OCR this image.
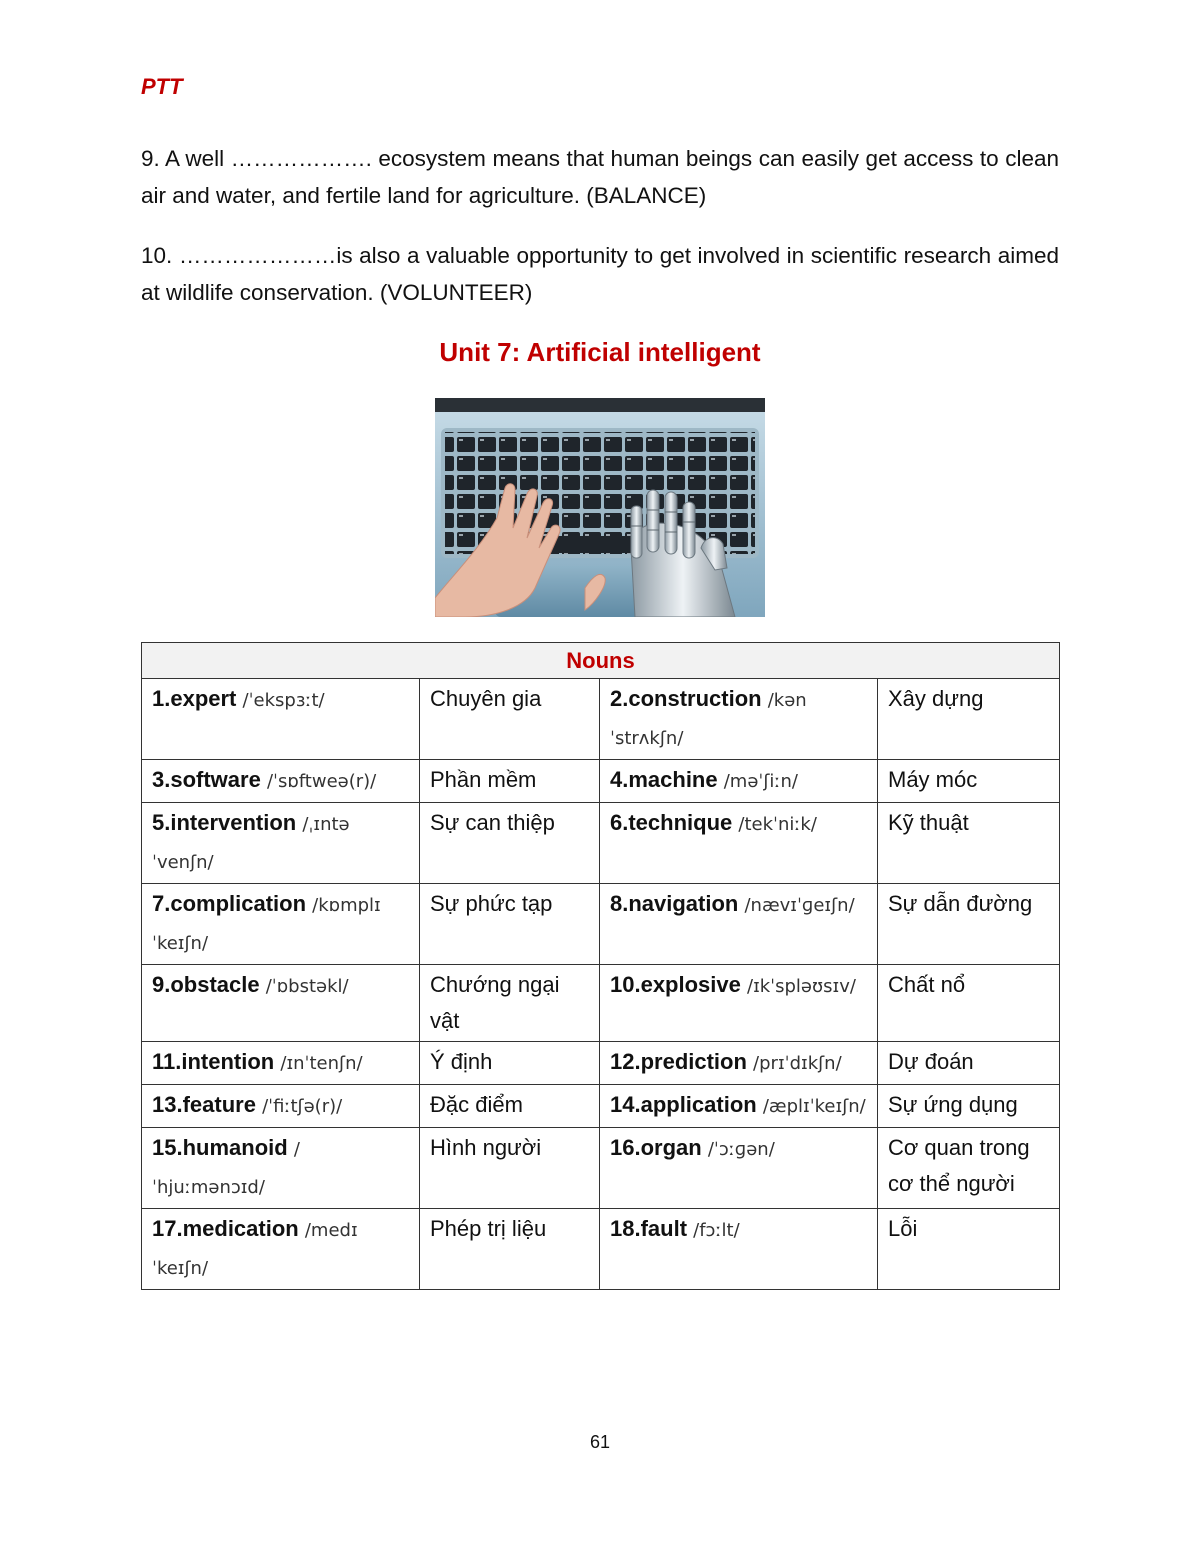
PTT

9. A well ………………. ecosystem means that human beings can easily get access to clean air and water, and fertile land for agriculture. (BALANCE)

10. …………………is also a valuable opportunity to get involved in scientific research aimed at wildlife conservation. (VOLUNTEER)

Unit 7: Artificial intelligent
Nouns			
1.expert /ˈekspɜːt/	Chuyên gia	2.construction /kənˈstrʌkʃn/	Xây dựng
3.software /ˈsɒftweə(r)/	Phần mềm	4.machine /məˈʃiːn/	Máy móc
5.intervention /ˌɪntəˈvenʃn/	Sự can thiệp	6.technique /tekˈniːk/	Kỹ thuật
7.complication /kɒmplɪˈkeɪʃn/	Sự phức tạp	8.navigation /nævɪˈɡeɪʃn/	Sự dẫn đường
9.obstacle /ˈɒbstəkl/	Chướng ngại vật	10.explosive /ɪkˈspləʊsɪv/	Chất nổ
11.intention /ɪnˈtenʃn/	Ý định	12.prediction /prɪˈdɪkʃn/	Dự đoán
13.feature /ˈfiːtʃə(r)/	Đặc điểm	14.application /æplɪˈkeɪʃn/	Sự ứng dụng
15.humanoid /ˈhjuːmənɔɪd/	Hình người	16.organ /ˈɔːɡən/	Cơ quan trong cơ thể người
17.medication /medɪˈkeɪʃn/	Phép trị liệu	18.fault /fɔːlt/	Lỗi
61
